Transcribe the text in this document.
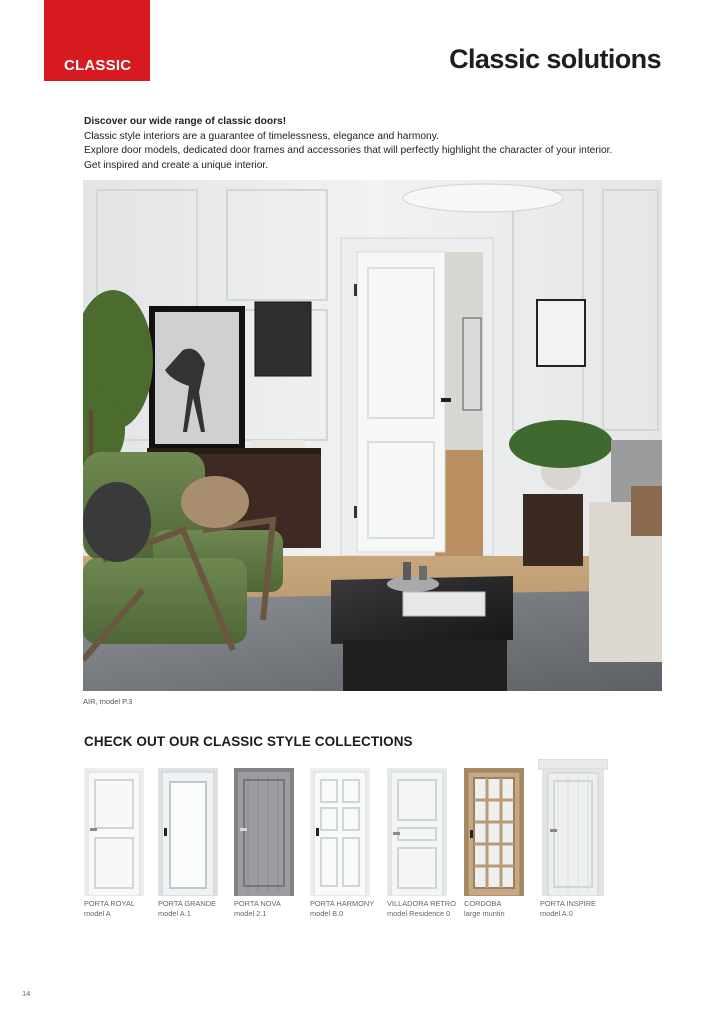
CLASSIC	Classic solutions
Discover our wide range of classic doors!
Classic style interiors are a guarantee of timelessness, elegance and harmony.
Explore door models, dedicated door frames and accessories that will perfectly highlight the character of your interior.
Get inspired and create a unique interior.
AIR, model P.3
CHECK OUT OUR CLASSIC STYLE COLLECTIONS
PORTA ROYAL
model A
PORTA GRANDE
model A.1
PORTA NOVA
model 2.1
PORTA HARMONY
model B.0
VILLADORA RETRO
model Residence 0
CORDOBA
large muntin
PORTA INSPIRE
model A.0
14
